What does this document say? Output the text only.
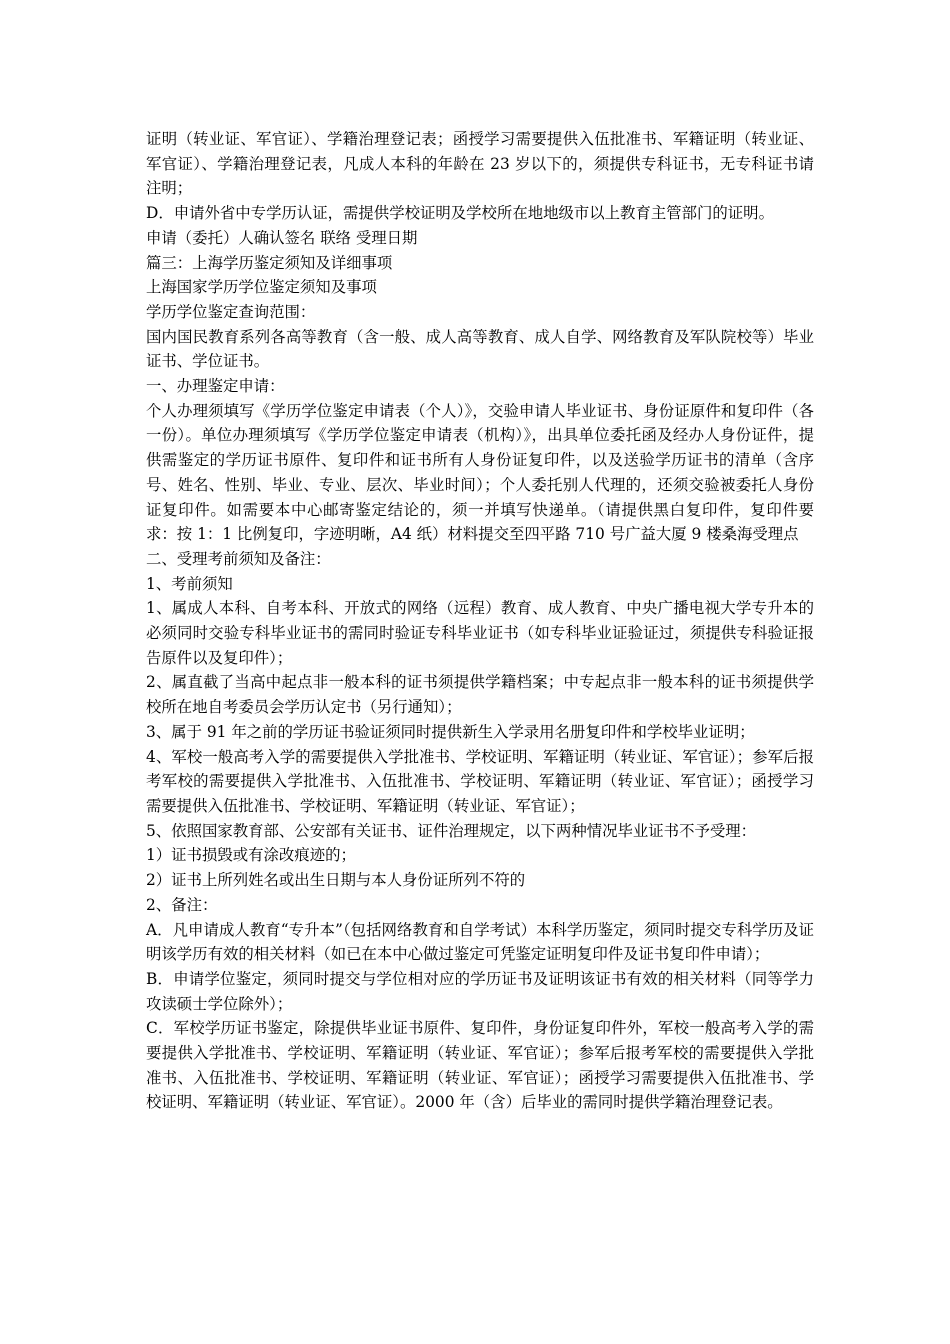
证明（转业证、军官证）、学籍治理登记表；函授学习需要提供入伍批准书、军籍证明（转业证、军官证）、学籍治理登记表，凡成人本科的年龄在 23 岁以下的，须提供专科证书，无专科证书请注明；

D．申请外省中专学历认证，需提供学校证明及学校所在地地级市以上教育主管部门的证明。

申请（委托）人确认签名 联络 受理日期

篇三：上海学历鉴定须知及详细事项

上海国家学历学位鉴定须知及事项

学历学位鉴定查询范围：

国内国民教育系列各高等教育（含一般、成人高等教育、成人自学、网络教育及军队院校等）毕业证书、学位证书。

一、办理鉴定申请：

个人办理须填写《学历学位鉴定申请表（个人）》，交验申请人毕业证书、身份证原件和复印件（各一份）。单位办理须填写《学历学位鉴定申请表（机构）》，出具单位委托函及经办人身份证件，提供需鉴定的学历证书原件、复印件和证书所有人身份证复印件，以及送验学历证书的清单（含序号、姓名、性别、毕业、专业、层次、毕业时间）；个人委托别人代理的，还须交验被委托人身份证复印件。如需要本中心邮寄鉴定结论的，须一并填写快递单。（请提供黑白复印件，复印件要求：按 1：1 比例复印，字迹明晰，A4 纸）材料提交至四平路 710 号广益大厦 9 楼桑海受理点

二、受理考前须知及备注：

1、考前须知

1、属成人本科、自考本科、开放式的网络（远程）教育、成人教育、中央广播电视大学专升本的必须同时交验专科毕业证书的需同时验证专科毕业证书（如专科毕业证验证过，须提供专科验证报告原件以及复印件）；

2、属直截了当高中起点非一般本科的证书须提供学籍档案；中专起点非一般本科的证书须提供学校所在地自考委员会学历认定书（另行通知）；

3、属于 91 年之前的学历证书验证须同时提供新生入学录用名册复印件和学校毕业证明；

4、军校一般高考入学的需要提供入学批准书、学校证明、军籍证明（转业证、军官证）；参军后报考军校的需要提供入学批准书、入伍批准书、学校证明、军籍证明（转业证、军官证）；函授学习需要提供入伍批准书、学校证明、军籍证明（转业证、军官证）；

5、依照国家教育部、公安部有关证书、证件治理规定，以下两种情况毕业证书不予受理：

1）证书损毁或有涂改痕迹的；

2）证书上所列姓名或出生日期与本人身份证所列不符的

2、备注：

A．凡申请成人教育“专升本”（包括网络教育和自学考试）本科学历鉴定，须同时提交专科学历及证明该学历有效的相关材料（如已在本中心做过鉴定可凭鉴定证明复印件及证书复印件申请）；

B．申请学位鉴定，须同时提交与学位相对应的学历证书及证明该证书有效的相关材料（同等学力攻读硕士学位除外）；

C．军校学历证书鉴定，除提供毕业证书原件、复印件，身份证复印件外，军校一般高考入学的需要提供入学批准书、学校证明、军籍证明（转业证、军官证）；参军后报考军校的需要提供入学批准书、入伍批准书、学校证明、军籍证明（转业证、军官证）；函授学习需要提供入伍批准书、学校证明、军籍证明（转业证、军官证）。2000 年（含）后毕业的需同时提供学籍治理登记表。
